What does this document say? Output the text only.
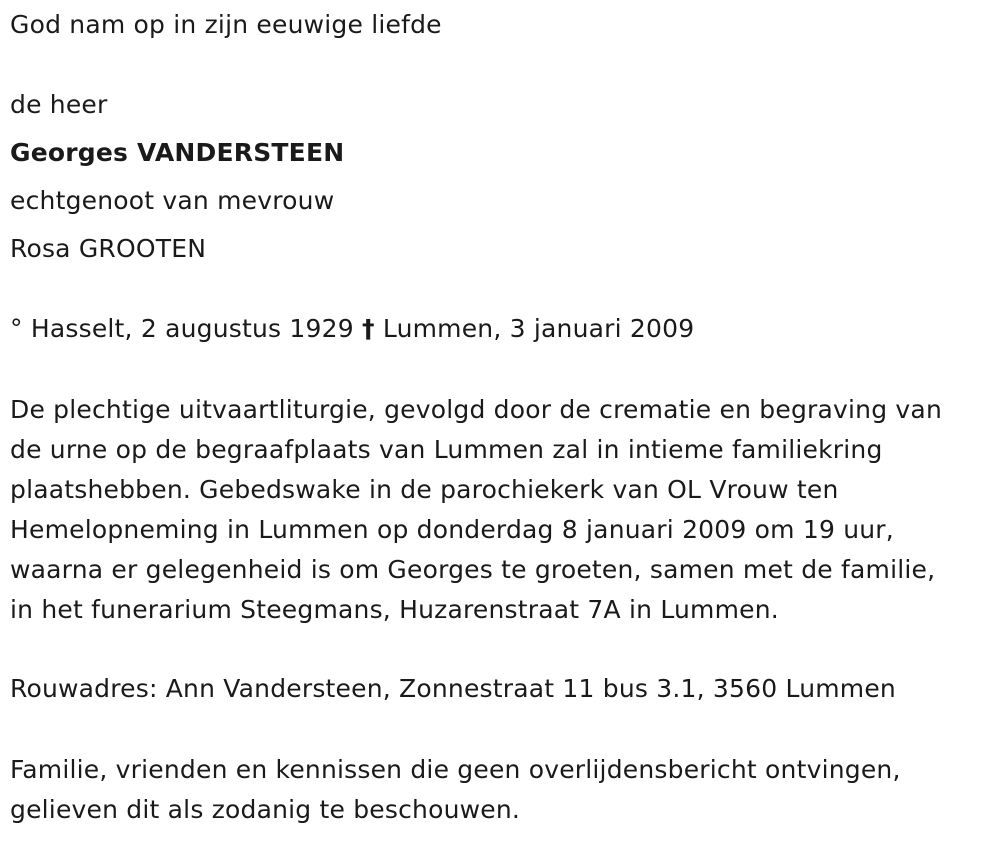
God nam op in zijn eeuwige liefde
de heer
Georges VANDERSTEEN
echtgenoot van mevrouw
Rosa GROOTEN
° Hasselt, 2 augustus 1929 † Lummen, 3 januari 2009
De plechtige uitvaartliturgie, gevolgd door de crematie en begraving van
de urne op de begraafplaats van Lummen zal in intieme familiekring
plaatshebben. Gebedswake in de parochiekerk van OL Vrouw ten
Hemelopneming in Lummen op donderdag 8 januari 2009 om 19 uur,
waarna er gelegenheid is om Georges te groeten, samen met de familie,
in het funerarium Steegmans, Huzarenstraat 7A in Lummen.
Rouwadres: Ann Vandersteen, Zonnestraat 11 bus 3.1, 3560 Lummen
Familie, vrienden en kennissen die geen overlijdensbericht ontvingen,
gelieven dit als zodanig te beschouwen.
